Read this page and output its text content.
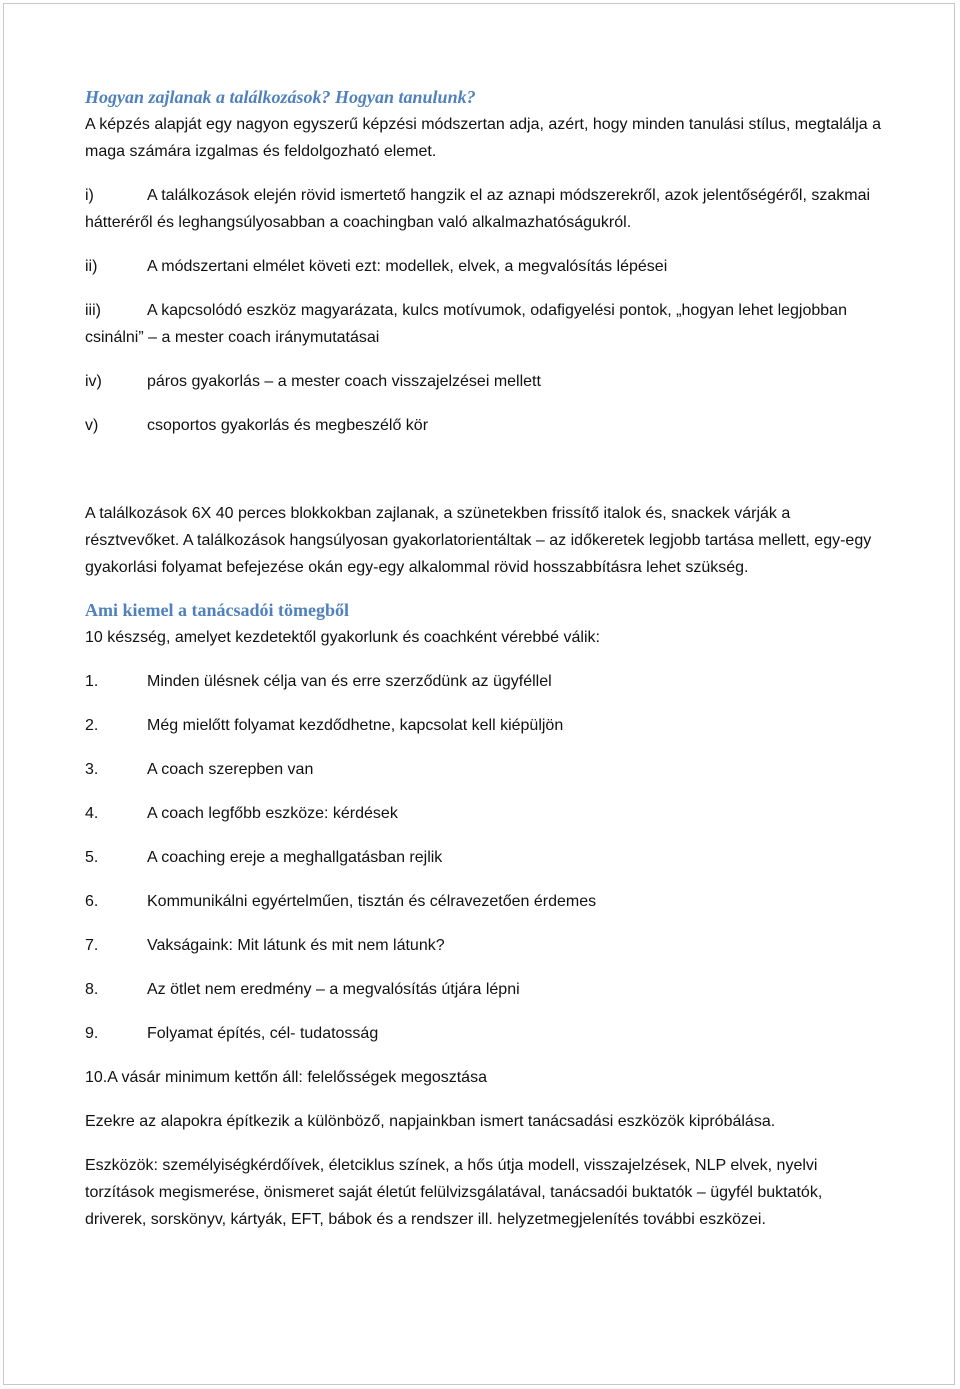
Hogyan zajlanak a találkozások? Hogyan tanulunk?

A képzés alapját egy nagyon egyszerű képzési módszertan adja, azért, hogy minden tanulási stílus, megtalálja a maga számára izgalmas és feldolgozható elemet.

i)	A találkozások elején rövid ismertető hangzik el az aznapi módszerekről, azok jelentőségéről, szakmai hátteréről és leghangsúlyosabban a coachingban való alkalmazhatóságukról.

ii)	A módszertani elmélet követi ezt: modellek, elvek, a megvalósítás lépései

iii)	A kapcsolódó eszköz magyarázata, kulcs motívumok, odafigyelési pontok, „hogyan lehet legjobban csinálni” – a mester coach iránymutatásai

iv)	páros gyakorlás – a mester coach visszajelzései mellett

v)	csoportos gyakorlás és megbeszélő kör

A találkozások 6X 40 perces blokkokban zajlanak, a szünetekben frissítő italok és, snackek várják a résztvevőket. A találkozások hangsúlyosan gyakorlatorientáltak – az időkeretek legjobb tartása mellett, egy-egy gyakorlási folyamat befejezése okán egy-egy alkalommal rövid hosszabbításra lehet szükség.

Ami kiemel a tanácsadói tömegből

10 készség, amelyet kezdetektől gyakorlunk és coachként vérebbé válik:

1.	Minden ülésnek célja van és erre szerződünk az ügyféllel

2.	Még mielőtt folyamat kezdődhetne, kapcsolat kell kiépüljön

3.	A coach szerepben van

4.	A coach legfőbb eszköze: kérdések

5.	A coaching ereje a meghallgatásban rejlik

6.	Kommunikálni egyértelműen, tisztán és célravezetően érdemes

7.	Vakságaink: Mit látunk és mit nem látunk?

8.	Az ötlet nem eredmény – a megvalósítás útjára lépni

9.	Folyamat építés, cél- tudatosság

10.A vásár minimum kettőn áll: felelősségek megosztása

Ezekre az alapokra építkezik a különböző, napjainkban ismert tanácsadási eszközök kipróbálása.

Eszközök: személyiségkérdőívek, életciklus színek, a hős útja modell, visszajelzések, NLP elvek, nyelvi torzítások megismerése, önismeret saját életút felülvizsgálatával, tanácsadói buktatók – ügyfél buktatók, driverek, sorskönyv, kártyák, EFT, bábok és a rendszer ill. helyzetmegjelenítés további eszközei.
